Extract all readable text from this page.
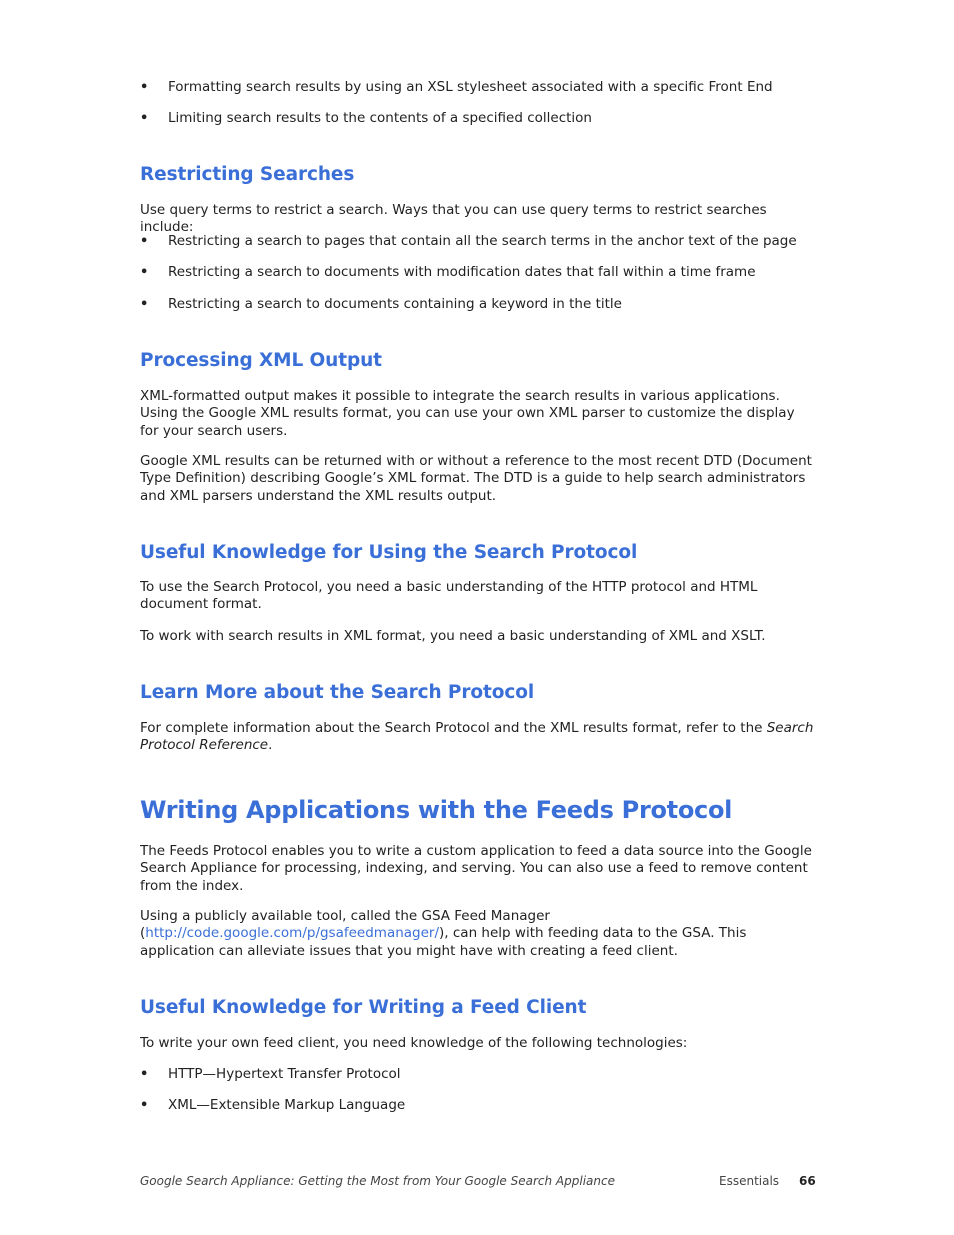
• Formatting search results by using an XSL stylesheet associated with a specific Front End
• Limiting search results to the contents of a specified collection
Restricting Searches

Use query terms to restrict a search. Ways that you can use query terms to restrict searches include:

• Restricting a search to pages that contain all the search terms in the anchor text of the page
• Restricting a search to documents with modification dates that fall within a time frame
• Restricting a search to documents containing a keyword in the title
Processing XML Output

XML-formatted output makes it possible to integrate the search results in various applications. Using the Google XML results format, you can use your own XML parser to customize the display for your search users.

Google XML results can be returned with or without a reference to the most recent DTD (Document Type Definition) describing Google’s XML format. The DTD is a guide to help search administrators and XML parsers understand the XML results output.

Useful Knowledge for Using the Search Protocol

To use the Search Protocol, you need a basic understanding of the HTTP protocol and HTML document format.

To work with search results in XML format, you need a basic understanding of XML and XSLT.

Learn More about the Search Protocol

For complete information about the Search Protocol and the XML results format, refer to the Search Protocol Reference.

Writing Applications with the Feeds Protocol

The Feeds Protocol enables you to write a custom application to feed a data source into the Google Search Appliance for processing, indexing, and serving. You can also use a feed to remove content from the index.

Using a publicly available tool, called the GSA Feed Manager (http://code.google.com/p/gsafeedmanager/), can help with feeding data to the GSA. This application can alleviate issues that you might have with creating a feed client.

Useful Knowledge for Writing a Feed Client

To write your own feed client, you need knowledge of the following technologies:

• HTTP—Hypertext Transfer Protocol
• XML—Extensible Markup Language
Google Search Appliance: Getting the Most from Your Google Search Appliance	Essentials 66
